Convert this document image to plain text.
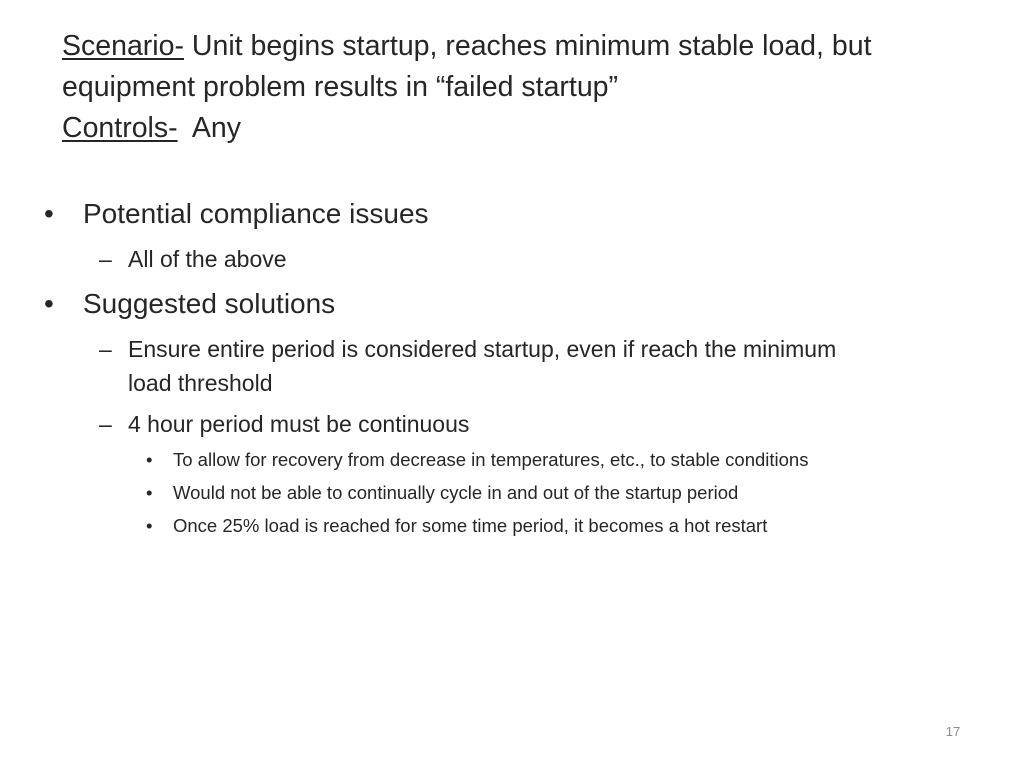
Scenario- Unit begins startup, reaches minimum stable load, but
equipment problem results in “failed startup”
Controls-  Any
• Potential compliance issues
– All of the above
• Suggested solutions
– Ensure entire period is considered startup, even if reach the minimum
load threshold
– 4 hour period must be continuous
• To allow for recovery from decrease in temperatures, etc., to stable conditions
• Would not be able to continually cycle in and out of the startup period
• Once 25% load is reached for some time period, it becomes a hot restart
17
